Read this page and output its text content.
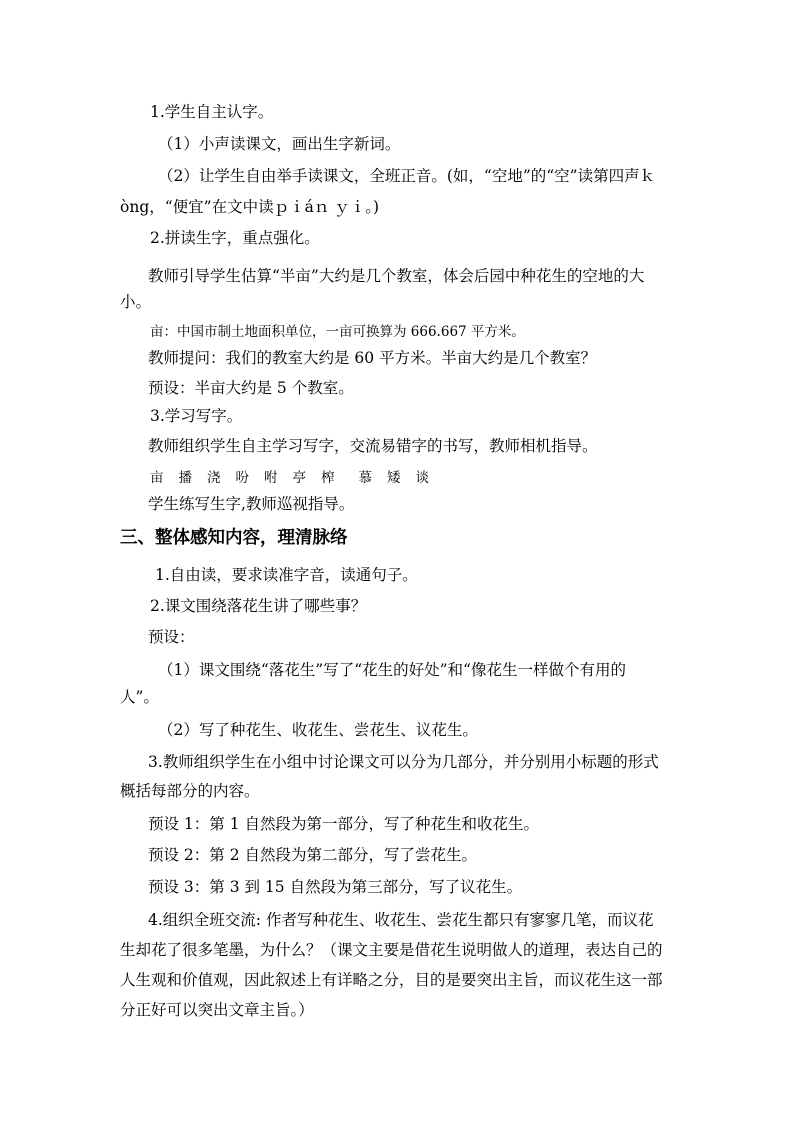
1.学生自主认字。
（1）小声读课文，画出生字新词。
（2）让学生自由举手读课文，全班正音。(如，“空地”的“空”读第四声ｋ
òng，“便宜”在文中读ｐｉáｎ ｙｉ。)
2.拼读生字，重点强化。
教师引导学生估算“半亩”大约是几个教室，体会后园中种花生的空地的大
小。
亩：中国市制土地面积单位，一亩可换算为 666.667 平方米。
教师提问：我们的教室大约是 60 平方米。半亩大约是几个教室？
预设：半亩大约是 5 个教室。
3.学习写字。
教师组织学生自主学习写字，交流易错字的书写，教师相机指导。
亩 播 浇 吩 咐 亭 榨 慕 矮 谈
学生练写生字,教师巡视指导。
三、整体感知内容，理清脉络
1.自由读，要求读准字音，读通句子。
2.课文围绕落花生讲了哪些事？
预设：
（1）课文围绕“落花生”写了“花生的好处”和“像花生一样做个有用的
人”。
（2）写了种花生、收花生、尝花生、议花生。
3.教师组织学生在小组中讨论课文可以分为几部分，并分别用小标题的形式
概括每部分的内容。
预设 1：第 1 自然段为第一部分，写了种花生和收花生。
预设 2：第 2 自然段为第二部分，写了尝花生。
预设 3：第 3 到 15 自然段为第三部分，写了议花生。
4.组织全班交流: 作者写种花生、收花生、尝花生都只有寥寥几笔，而议花
生却花了很多笔墨，为什么？（课文主要是借花生说明做人的道理，表达自己的
人生观和价值观，因此叙述上有详略之分，目的是要突出主旨，而议花生这一部
分正好可以突出文章主旨。）
